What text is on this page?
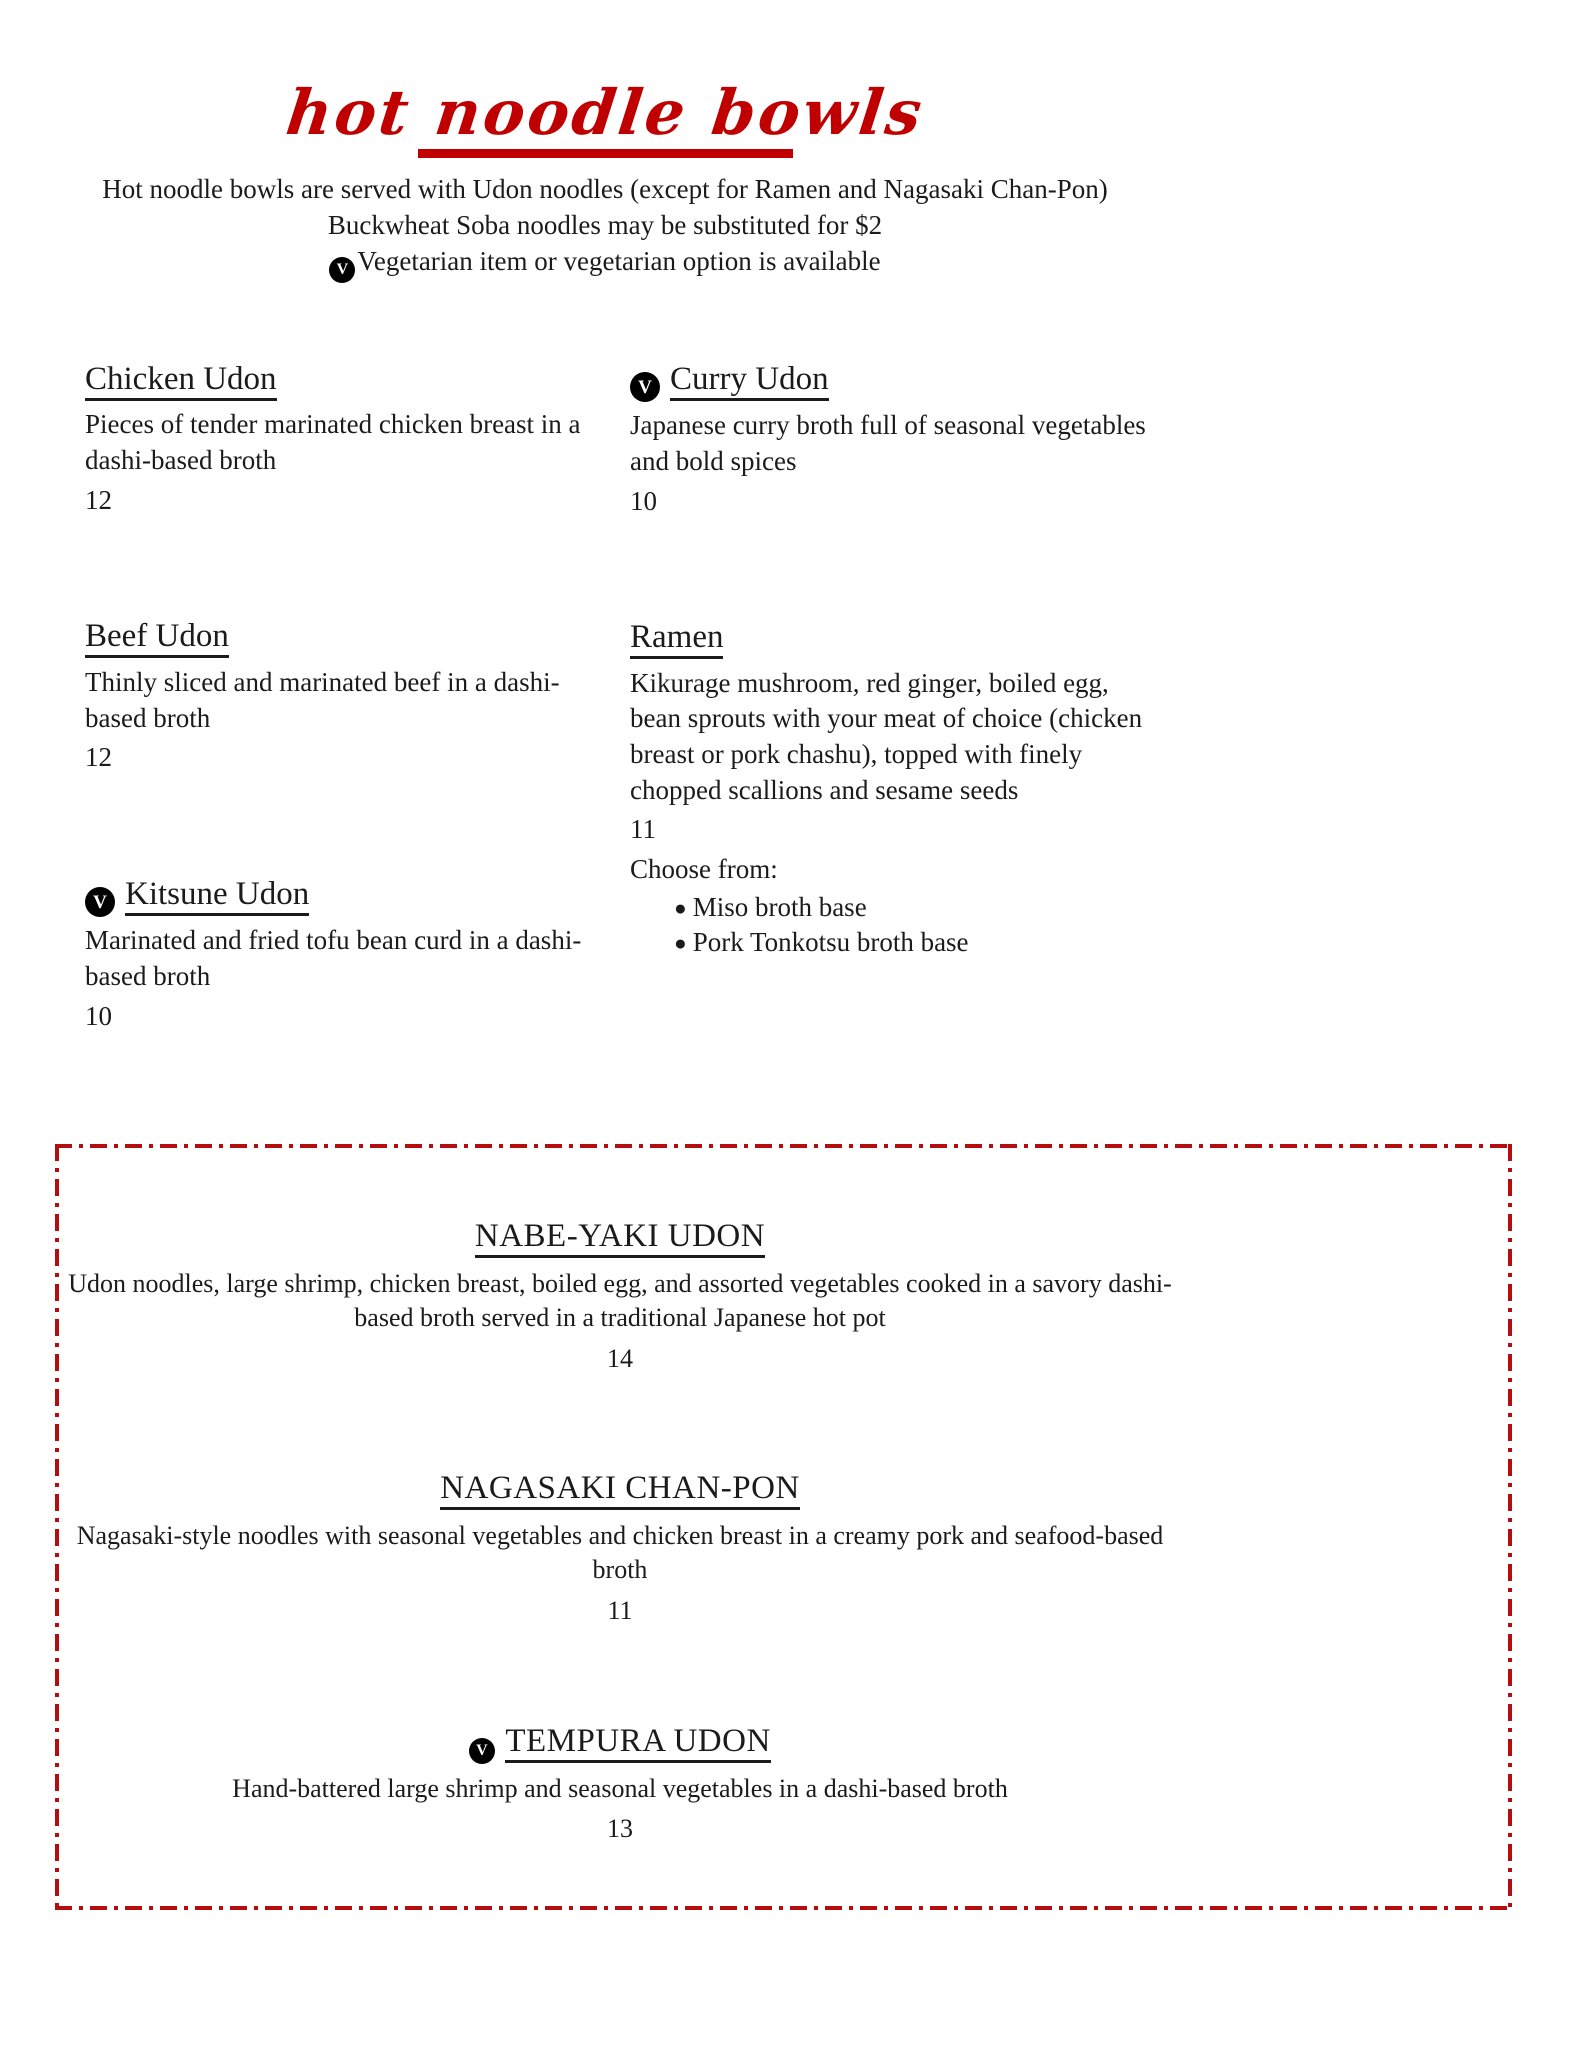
hot noodle bowls
Hot noodle bowls are served with Udon noodles (except for Ramen and Nagasaki Chan-Pon)
Buckwheat Soba noodles may be substituted for $2
V Vegetarian item or vegetarian option is available
Chicken Udon
Pieces of tender marinated chicken breast in a dashi-based broth
12
Beef Udon
Thinly sliced and marinated beef in a dashi-based broth
12
V Kitsune Udon
Marinated and fried tofu bean curd in a dashi-based broth
10
V Curry Udon
Japanese curry broth full of seasonal vegetables and bold spices
10
Ramen
Kikurage mushroom, red ginger, boiled egg, bean sprouts with your meat of choice (chicken breast or pork chashu), topped with finely chopped scallions and sesame seeds
11
Choose from:
● Miso broth base
● Pork Tonkotsu broth base
NABE-YAKI UDON
Udon noodles, large shrimp, chicken breast, boiled egg, and assorted vegetables cooked in a savory dashi-based broth served in a traditional Japanese hot pot
14
NAGASAKI CHAN-PON
Nagasaki-style noodles with seasonal vegetables and chicken breast in a creamy pork and seafood-based broth
11
V TEMPURA UDON
Hand-battered large shrimp and seasonal vegetables in a dashi-based broth
13
